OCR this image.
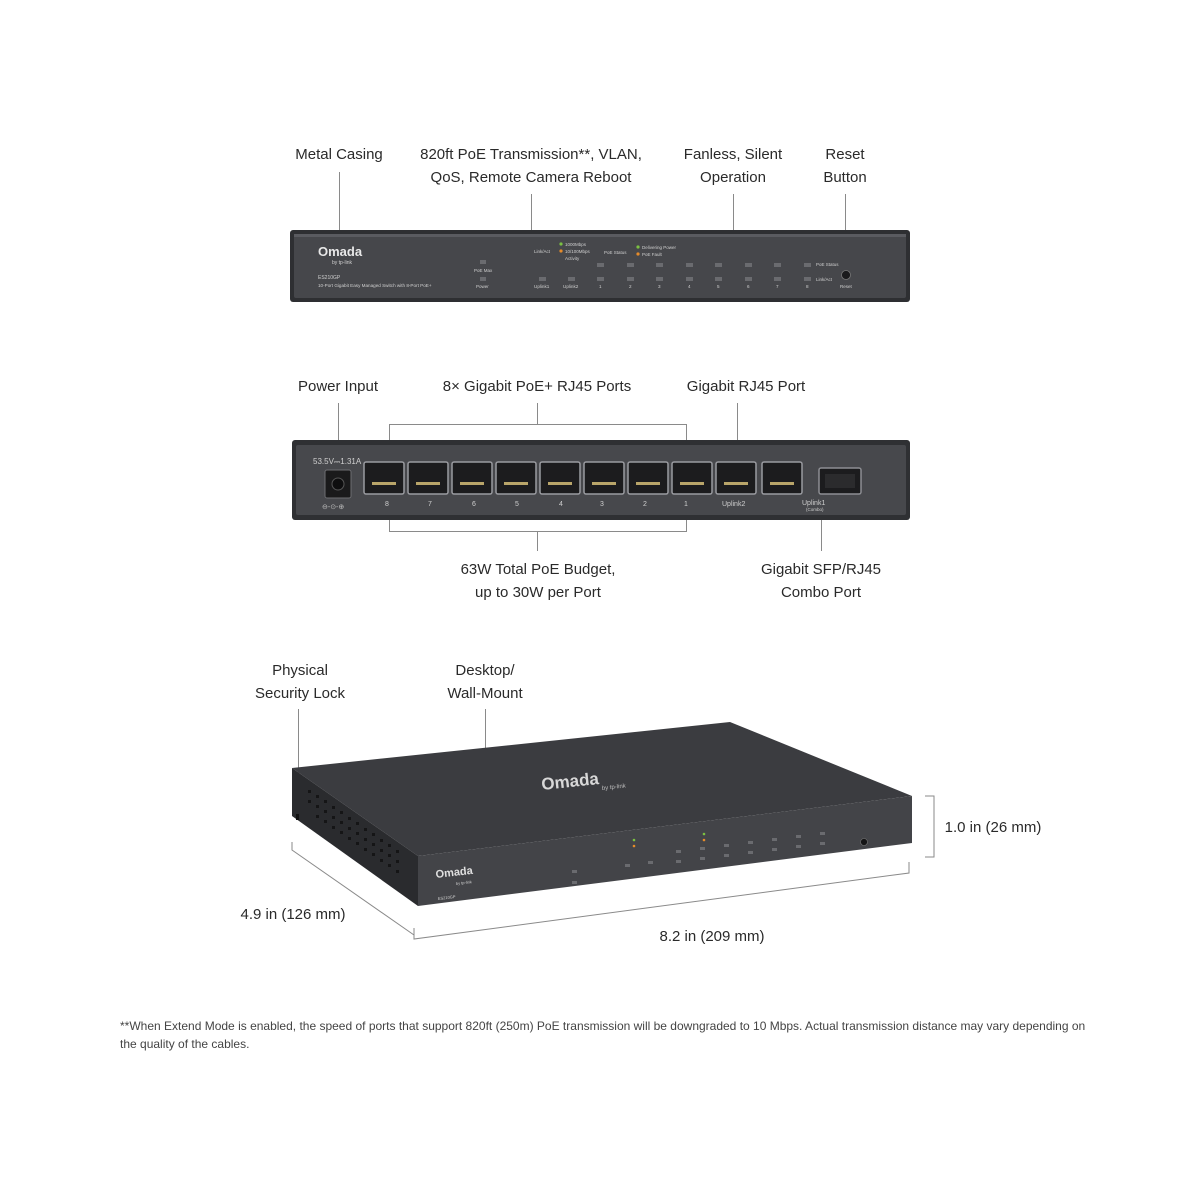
Metal Casing 820ft PoE Transmission**, VLAN,
QoS, Remote Camera Reboot
Fanless, Silent
Operation
Reset
Button
Omada
by tp-link
ES210GP
10-Port Gigabit Easy Managed Switch with 8-Port PoE+
PoE Max
Power
Link/Act
1000Mbps
10/100Mbps
Activity
PoE Status
Delivering Power
PoE Fault
PoE Status
Link/Act
Uplink1	Uplink2	1	2	3	4	5	6	7	8	Reset
Power Input	8× Gigabit PoE+ RJ45 Ports	Gigabit RJ45 Port
63W Total PoE Budget,
up to 30W per Port
Gigabit SFP/RJ45
Combo Port
53.5V⎓1.31A
⊖-⊙-⊕	8	7	6	5	4	3	2	1	Uplink2	Uplink1
(Combo)
Physical
Security Lock
Desktop/
Wall-Mount
Omada by tp-link
Omada
by tp-link
ES210GP
1.0 in (26 mm)
4.9 in (126 mm)
8.2 in (209 mm)
**When Extend Mode is enabled, the speed of ports that support 820ft (250m) PoE transmission will be downgraded to 10 Mbps. Actual transmission distance may vary depending on the quality of the cables.
